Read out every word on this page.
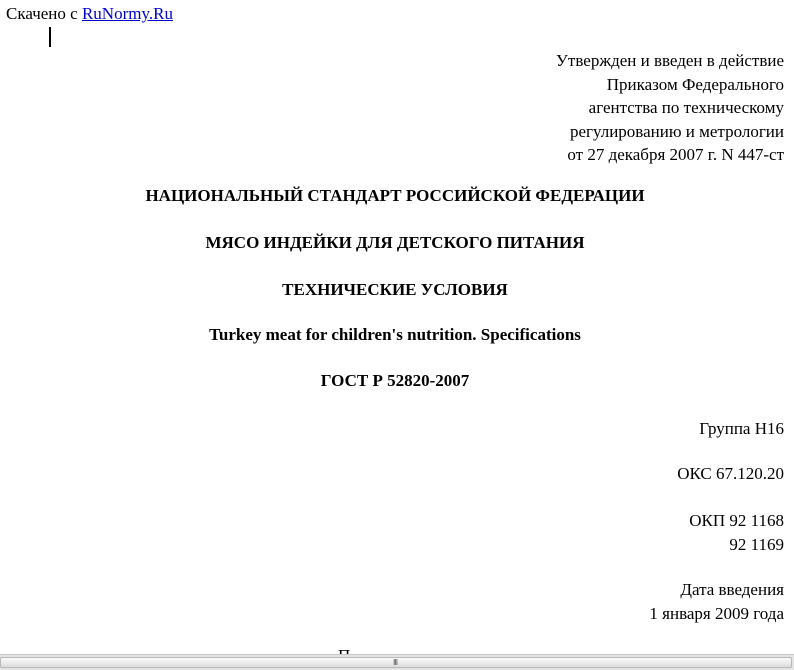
Скачено с RuNormy.Ru
Утвержден и введен в действие
Приказом Федерального
агентства по техническому
регулированию и метрологии
от 27 декабря 2007 г. N 447-ст
НАЦИОНАЛЬНЫЙ СТАНДАРТ РОССИЙСКОЙ ФЕДЕРАЦИИ
МЯСО ИНДЕЙКИ ДЛЯ ДЕТСКОГО ПИТАНИЯ
ТЕХНИЧЕСКИЕ УСЛОВИЯ
Turkey meat for children's nutrition. Specifications
ГОСТ Р 52820-2007
Группа Н16
ОКС 67.120.20
ОКП 92 1168
92 1169
Дата введения
1 января 2009 года
III
